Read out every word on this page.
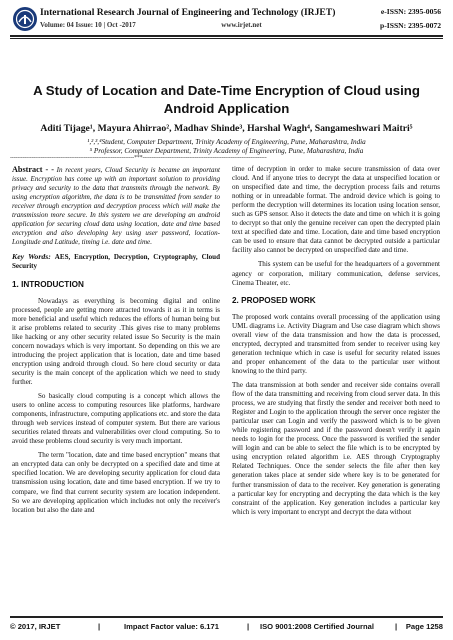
International Research Journal of Engineering and Technology (IRJET)
Volume: 04 Issue: 10 | Oct -2017	www.irjet.net
e-ISSN: 2395-0056
p-ISSN: 2395-0072
A Study of Location and Date-Time Encryption of Cloud using Android Application
Aditi Tijage¹, Mayura Ahirrao², Madhav Shinde³, Harshal Wagh⁴, Sangameshwari Maitri⁵
¹,²,³,⁴Student, Computer Department, Trinity Academy of Engineering, Pune, Maharashtra, India
⁵ Professor, Computer Department, Trinity Academy of Engineering, Pune, Maharashtra, India
---------------------------------------------------------------------***---------------------------------------------------------------------

Abstract - - In recent years, Cloud Security is became an important issue. Encryption has come up with an important solution to providing privacy and security to the data that transmits through the network. By using encryption algorithm, the data is to be transmitted from sender to receiver through encryption and decryption process which will make the transmission more secure. In this system we are developing an android application for securing cloud data using location, date and time based encryption and also developing key using user password, location-Longitude and Latitude, timing i.e. date and time.

Key Words: AES, Encryption, Decryption, Cryptography, Cloud Security

1. INTRODUCTION

Nowadays as everything is becoming digital and online processed, people are getting more attracted towards it as it in terms is more beneficial and useful which reduces the efforts of human being but it arise problems related to security .This gives rise to many problems like hacking or any other security related issue So Security is the main concern nowadays which is very important. So depending on this we are introducing the project application that is location, date and time based encryption using android through cloud. So here cloud security or data security is the main concept of the application which we need to study further.

So basically cloud computing is a concept which allows the users to online access to computing resources like platforms, hardware components, infrastructure, computing applications etc. and store the data through web services instead of computer system. But there are various securities related threats and vulnerabilities over cloud computing. So to avoid these problems cloud security is very much important.

The term "location, date and time based encryption" means that an encrypted data can only be decrypted on a specified date and time at specified location. We are developing security application for cloud data transmission using location, date and time based encryption. If we try to compare, we find that current security system are location independent. So we are developing application which includes not only the receiver's location but also the date and

time of decryption in order to make secure transmission of data over cloud. And if anyone tries to decrypt the data at unspecified location or on unspecified date and time, the decryption process fails and returns nothing or in unreadable format. The android device which is going to perform the decryption will determines its location using location sensor, such as GPS sensor. Also it detects the date and time on which it is going to decrypt so that only the genuine receiver can open the decrypted plain text at specified date and time. Location, date and time based encryption can be used to ensure that data cannot be decrypted outside a particular facility also cannot be decrypted on unspecified date and time.

This system can be useful for the headquarters of a government agency or corporation, military communication, defense services, Cinema Theater, etc.

2. PROPOSED WORK

The proposed work contains overall processing of the application using UML diagrams i.e. Activity Diagram and Use case diagram which shows overall view of the data transmission and how the data is processed, encrypted, decrypted and transmitted from sender to receiver using key generation technique which in case is useful for security related issues and proper enhancement of the data to the particular user without knowing to the third party.

The data transmission at both sender and receiver side contains overall flow of the data transmitting and receiving from cloud server data. In this process, we are studying that firstly the sender and receiver both need to Register and Login to the application through the server once register the particular user can Login and verify the password which is to be given while registering password and if the password doesn't verify it again needs to login for the process. Once the password is verified the sender will login and can be able to select the file which is to be encrypted by using encryption related algorithm i.e. AES through Cryptography Related Techniques. Once the sender selects the file after then key generation takes place at sender side where key is to be generated for further transmission of data to the receiver. Key generation is generating a particular key for encrypting and decrypting the data which is the key constraint of the application. Key generation includes a particular key which is very important to encrypt and decrypt the data without

© 2017, IRJET	|	Impact Factor value: 6.171	| ISO 9001:2008 Certified Journal	| Page 1258
